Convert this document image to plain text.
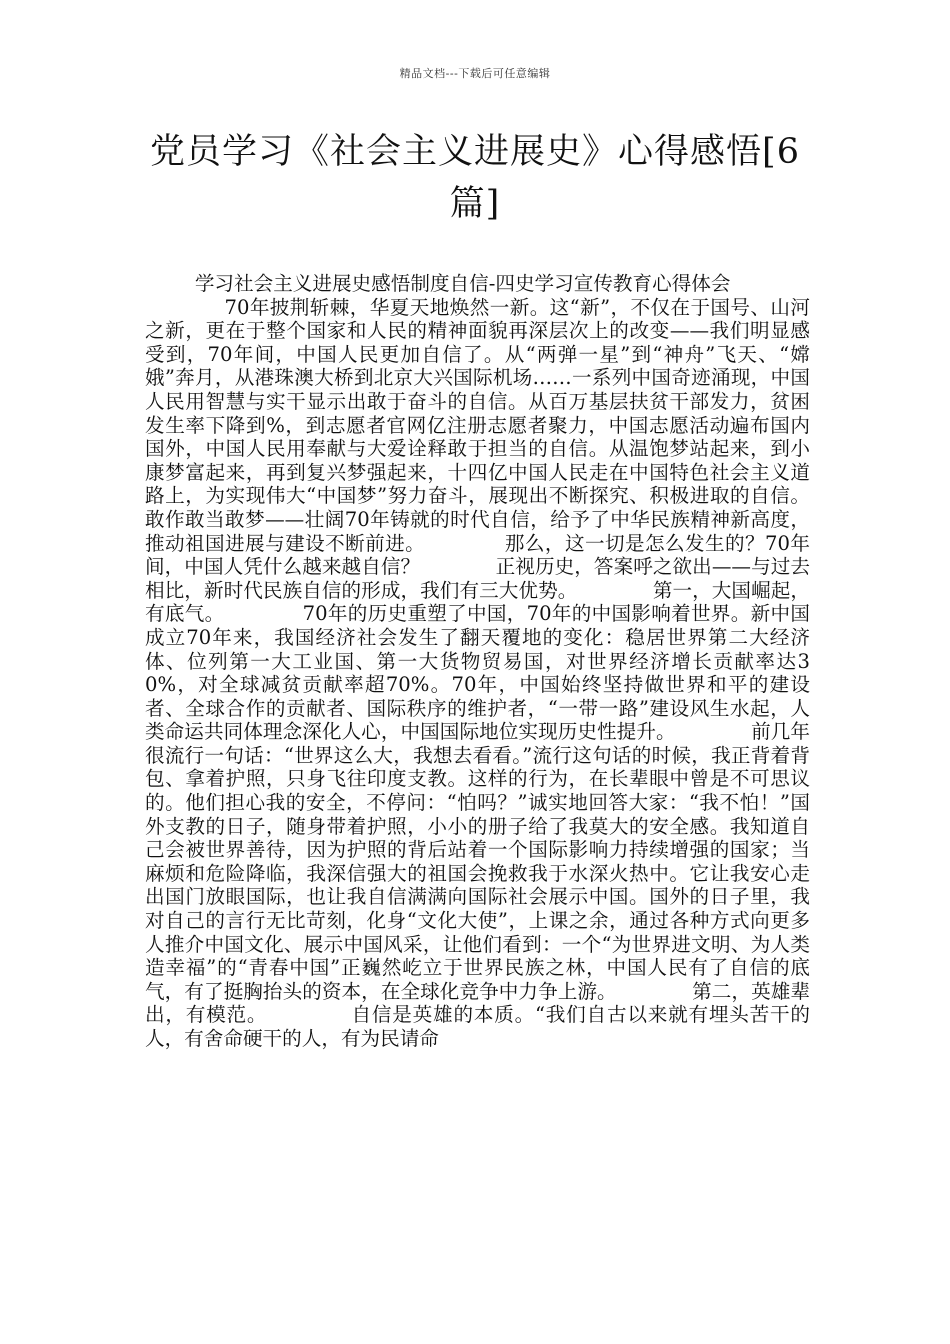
精品文档---下载后可任意编辑
党员学习《社会主义进展史》心得感悟[6篇]
学习社会主义进展史感悟制度自信-四史学习宣传教育心得体会
70年披荆斩棘，华夏天地焕然一新。这“新”，不仅在于国号、山河之新，更在于整个国家和人民的精神面貌再深层次上的改变——我们明显感受到，70年间，中国人民更加自信了。从“两弹一星”到“神舟”飞天、“嫦娥”奔月，从港珠澳大桥到北京大兴国际机场……一系列中国奇迹涌现，中国人民用智慧与实干显示出敢于奋斗的自信。从百万基层扶贫干部发力，贫困发生率下降到%，到志愿者官网亿注册志愿者聚力，中国志愿活动遍布国内国外，中国人民用奉献与大爱诠释敢于担当的自信。从温饱梦站起来，到小康梦富起来，再到复兴梦强起来，十四亿中国人民走在中国特色社会主义道路上，为实现伟大“中国梦”努力奋斗，展现出不断探究、积极进取的自信。敢作敢当敢梦——壮阔70年铸就的时代自信，给予了中华民族精神新高度，推动祖国进展与建设不断前进。            那么，这一切是怎么发生的？70年间，中国人凭什么越来越自信？            正视历史，答案呼之欲出——与过去相比，新时代民族自信的形成，我们有三大优势。            第一，大国崛起，有底气。            70年的历史重塑了中国，70年的中国影响着世界。新中国成立70年来，我国经济社会发生了翻天覆地的变化：稳居世界第二大经济体、位列第一大工业国、第一大货物贸易国，对世界经济增长贡献率达30%，对全球减贫贡献率超70%。70年，中国始终坚持做世界和平的建设者、全球合作的贡献者、国际秩序的维护者，“一带一路”建设风生水起，人类命运共同体理念深化人心，中国国际地位实现历史性提升。            前几年很流行一句话：“世界这么大，我想去看看。”流行这句话的时候，我正背着背包、拿着护照，只身飞往印度支教。这样的行为，在长辈眼中曾是不可思议的。他们担心我的安全，不停问：“怕吗？”诚实地回答大家：“我不怕！”国外支教的日子，随身带着护照，小小的册子给了我莫大的安全感。我知道自己会被世界善待，因为护照的背后站着一个国际影响力持续增强的国家；当麻烦和危险降临，我深信强大的祖国会挽救我于水深火热中。它让我安心走出国门放眼国际，也让我自信满满向国际社会展示中国。国外的日子里，我对自己的言行无比苛刻，化身“文化大使”，上课之余，通过各种方式向更多人推介中国文化、展示中国风采，让他们看到：一个“为世界进文明、为人类造幸福”的“青春中国”正巍然屹立于世界民族之林，中国人民有了自信的底气，有了挺胸抬头的资本，在全球化竞争中力争上游。            第二，英雄辈出，有模范。            自信是英雄的本质。“我们自古以来就有埋头苦干的人，有舍命硬干的人，有为民请命
